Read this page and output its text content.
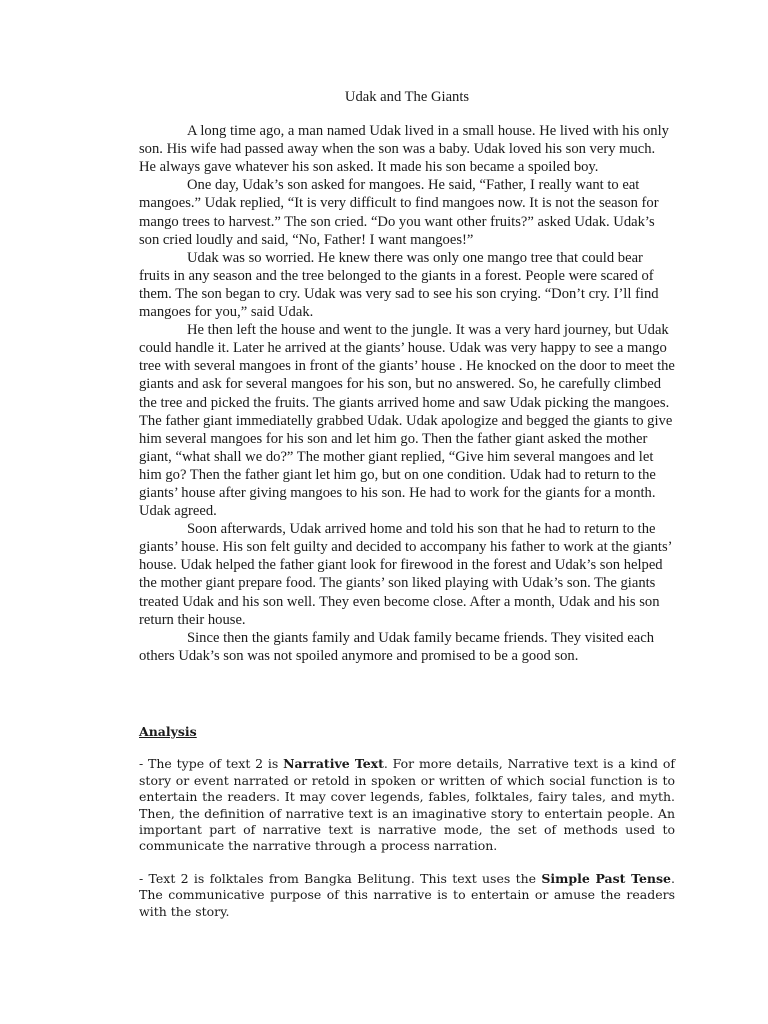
Udak and The Giants

A long time ago, a man named Udak lived in a small house. He lived with his only son. His wife had passed away when the son was a baby. Udak loved his son very much. He always gave whatever his son asked. It made his son became a spoiled boy.

One day, Udak’s son asked for mangoes. He said, “Father, I really want to eat mangoes.” Udak replied, “It is very difficult to find mangoes now. It is not the season for mango trees to harvest.” The son cried. “Do you want other fruits?” asked Udak. Udak’s son cried loudly and said, “No, Father! I want mangoes!”

Udak was so worried. He knew there was only one mango tree that could bear fruits in any season and the tree belonged to the giants in a forest. People were scared of them. The son began to cry. Udak was very sad to see his son crying. “Don’t cry. I’ll find mangoes for you,” said Udak.

He then left the house and went to the jungle. It was a very hard journey, but Udak could handle it. Later he arrived at the giants’ house. Udak was very happy to see a mango tree with several mangoes in front of the giants’ house . He knocked on the door to meet the giants and ask for several mangoes for his son, but no answered. So, he carefully climbed the tree and picked the fruits. The giants arrived home and saw Udak picking the mangoes. The father giant immediatelly grabbed Udak. Udak apologize and begged the giants to give him several mangoes for his son and let him go. Then the father giant asked the mother giant, “what shall we do?” The mother giant replied, “Give him several mangoes and let him go? Then the father giant let him go, but on one condition. Udak had to return to the giants’ house after giving mangoes to his son. He had to work for the giants for a month. Udak agreed.

Soon afterwards, Udak arrived home and told his son that he had to return to the giants’ house. His son felt guilty and decided to accompany his father to work at the giants’ house. Udak helped the father giant look for firewood in the forest and Udak’s son helped the mother giant prepare food. The giants’ son liked playing with Udak’s son. The giants treated Udak and his son well. They even become close. After a month, Udak and his son return their house.

Since then the giants family and Udak family became friends. They visited each others Udak’s son was not spoiled anymore and promised to be a good son.

Analysis

- The type of text 2 is Narrative Text. For more details, Narrative text is a kind of story or event narrated or retold in spoken or written of which social function is to entertain the readers. It may cover legends, fables, folktales, fairy tales, and myth. Then, the definition of narrative text is an imaginative story to entertain people. An important part of narrative text is narrative mode, the set of methods used to communicate the narrative through a process narration.

- Text 2 is folktales from Bangka Belitung. This text uses the Simple Past Tense. The communicative purpose of this narrative is to entertain or amuse the readers with the story.
